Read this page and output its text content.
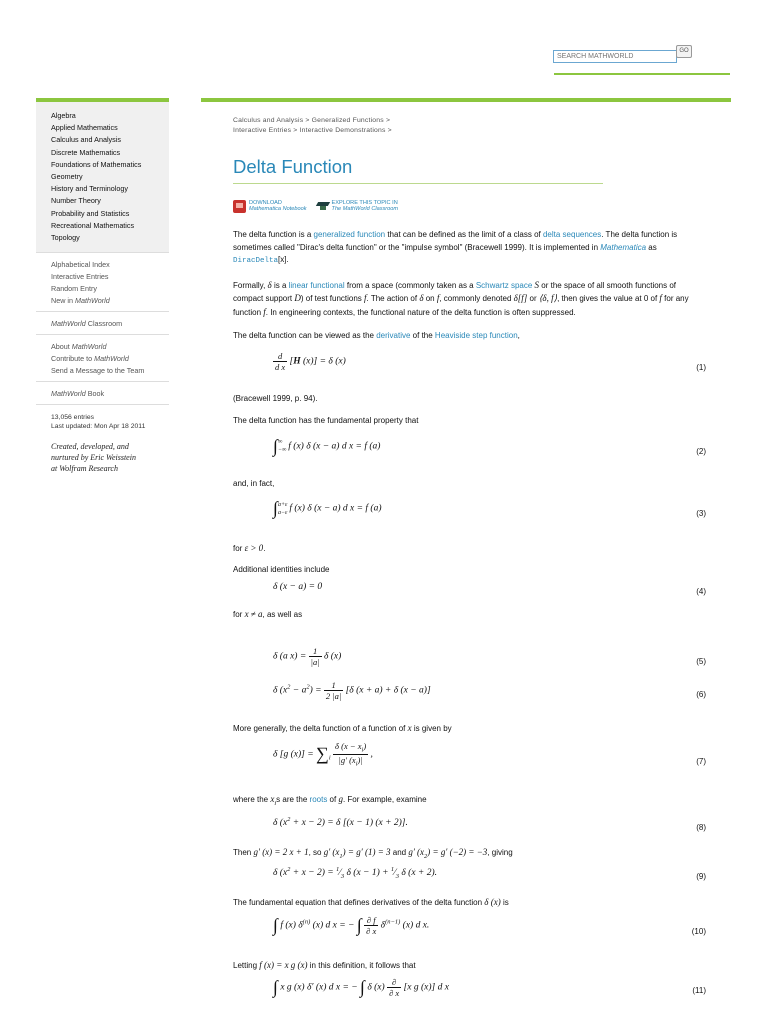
SEARCH MATHWORLD
GO
Algebra
Applied Mathematics
Calculus and Analysis
Discrete Mathematics
Foundations of Mathematics
Geometry
History and Terminology
Number Theory
Probability and Statistics
Recreational Mathematics
Topology
Alphabetical Index
Interactive Entries
Random Entry
New in MathWorld
MathWorld Classroom
About MathWorld
Contribute to MathWorld
Send a Message to the Team
MathWorld Book
13,056 entries
Last updated: Mon Apr 18 2011
Created, developed, and
nurtured by Eric Weisstein
at Wolfram Research
Calculus and Analysis > Generalized Functions >
Interactive Entries > Interactive Demonstrations >
Delta Function
DOWNLOAD
Mathematica Notebook
EXPLORE THIS TOPIC IN
The MathWorld Classroom

The delta function is a generalized function that can be defined as the limit of a class of delta sequences. The delta function is sometimes called "Dirac's delta function" or the "impulse symbol" (Bracewell 1999). It is implemented in Mathematica as DiracDelta[x].

Formally, δ is a linear functional from a space (commonly taken as a Schwartz space S or the space of all smooth functions of compact support D) of test functions f. The action of δ on f, commonly denoted δ[f] or ⟨δ, f⟩, then gives the value at 0 of f for any function f. In engineering contexts, the functional nature of the delta function is often suppressed.

The delta function can be viewed as the derivative of the Heaviside step function,

$\frac{d}{\text{d x}} [H$ (x)] = δ (x)
(1)

(Bracewell 1999, p. 94).

The delta function has the fundamental property that

∫∞
−∞ f (x) δ (x − a) d x = f (a)	(2)

and, in fact,

∫a+ε
a−ε f (x) δ (x − a) d x = f (a)	(3)

for ε > 0.

Additional identities include

δ (x − a) = 0	(4)

for x ≠ a, as well as

δ (a $x) = \frac{1}{|a|}$ δ (x)	(5)
δ $(x^2 - a^2) = \frac{1}{2 |a|} [\delta$ (x + a) + δ (x − a)]	(6)

More generally, the delta function of a function of x is given by

δ [g $(x)] = \sum_i \frac{\delta (x - x_i)}{|g' (x_i)|}$ ,
(7)

where the $x_is$ are the roots of g. For example, examine

δ $(x^2 + x - 2) = \delta$ [(x − 1) (x + 2)].	(8)

Then g′ (x) = 2 x + 1, so g′ $(x_1) = g'$ (1) = 3 and g′ $(x_2) = g'$ (−2) = −3, giving

δ $(x^2 + x - 2)$ = $^1⁄_3$ δ $(x - 1) + ^1⁄_3$ δ (x + 2).	(9)

The fundamental equation that defines derivatives of the delta function δ (x) is

∫ f (x) $\delta^{(n)}$ (x) d x = − ∫ $\frac{\partial f}{\partial x} \delta^{(n-1)}$ (x) d x.
(10)

Letting f (x) = x g (x) in this definition, it follows that

∫ x g (x) δ′ (x) d x = − ∫ δ $(x) \frac{\partial}{\partial x} [x$ g (x)] d x	(11)
